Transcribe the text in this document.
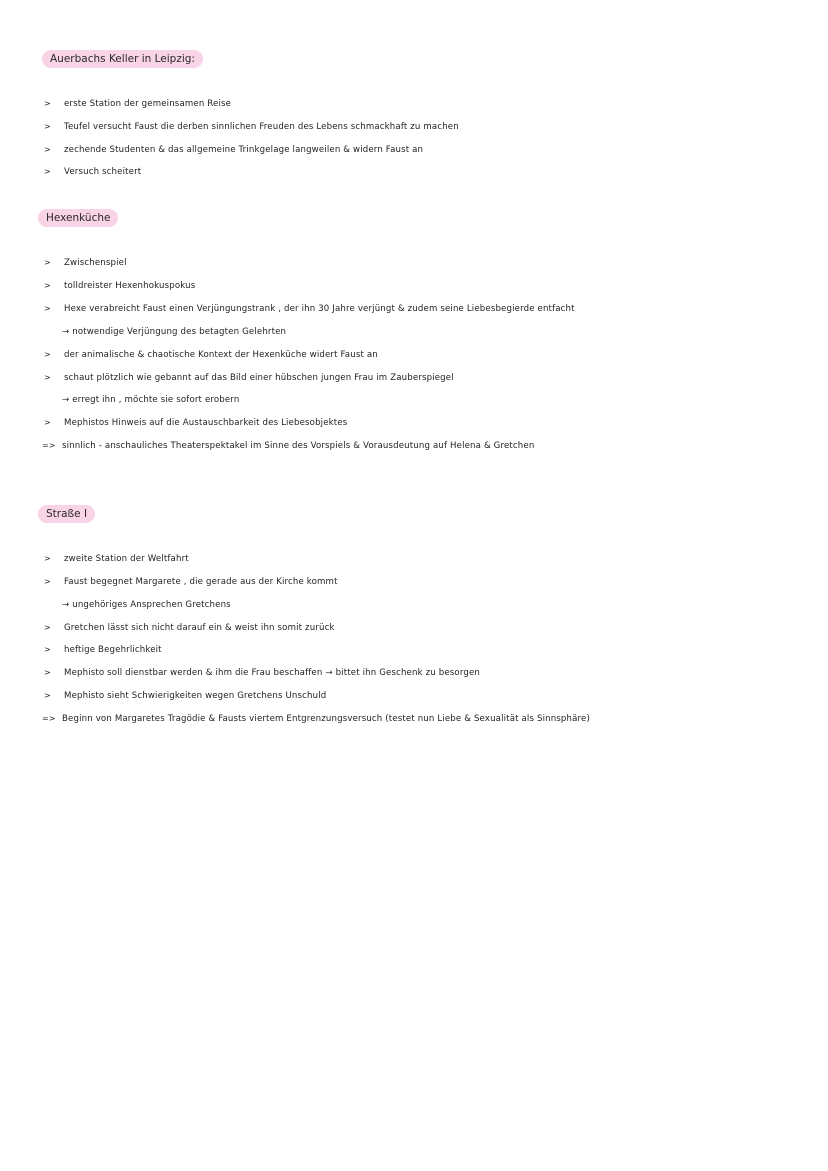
Auerbachs Keller in Leipzig:
> erste Station der gemeinsamen Reise
> Teufel versucht Faust die derben sinnlichen Freuden des Lebens schmackhaft zu machen
> zechende Studenten & das allgemeine Trinkgelage langweilen & widern Faust an
> Versuch scheitert
Hexenküche
> Zwischenspiel
> tolldreister Hexenhokuspokus
> Hexe verabreicht Faust einen Verjüngungstrank , der ihn 30 Jahre verjüngt & zudem seine Liebesbegierde entfacht
→ notwendige Verjüngung des betagten Gelehrten
> der animalische & chaotische Kontext der Hexenküche widert Faust an
> schaut plötzlich wie gebannt auf das Bild einer hübschen jungen Frau im Zauberspiegel
→ erregt ihn , möchte sie sofort erobern
> Mephistos Hinweis auf die Austauschbarkeit des Liebesobjektes
=> sinnlich - anschauliches Theaterspektakel im Sinne des Vorspiels & Vorausdeutung auf Helena & Gretchen
Straße I
> zweite Station der Weltfahrt
> Faust begegnet Margarete , die gerade aus der Kirche kommt
→ ungehöriges Ansprechen Gretchens
> Gretchen lässt sich nicht darauf ein & weist ihn somit zurück
> heftige Begehrlichkeit
> Mephisto soll dienstbar werden & ihm die Frau beschaffen → bittet ihn Geschenk zu besorgen
> Mephisto sieht Schwierigkeiten wegen Gretchens Unschuld
=> Beginn von Margaretes Tragödie & Fausts viertem Entgrenzungsversuch (testet nun Liebe & Sexualität als Sinnsphäre)
